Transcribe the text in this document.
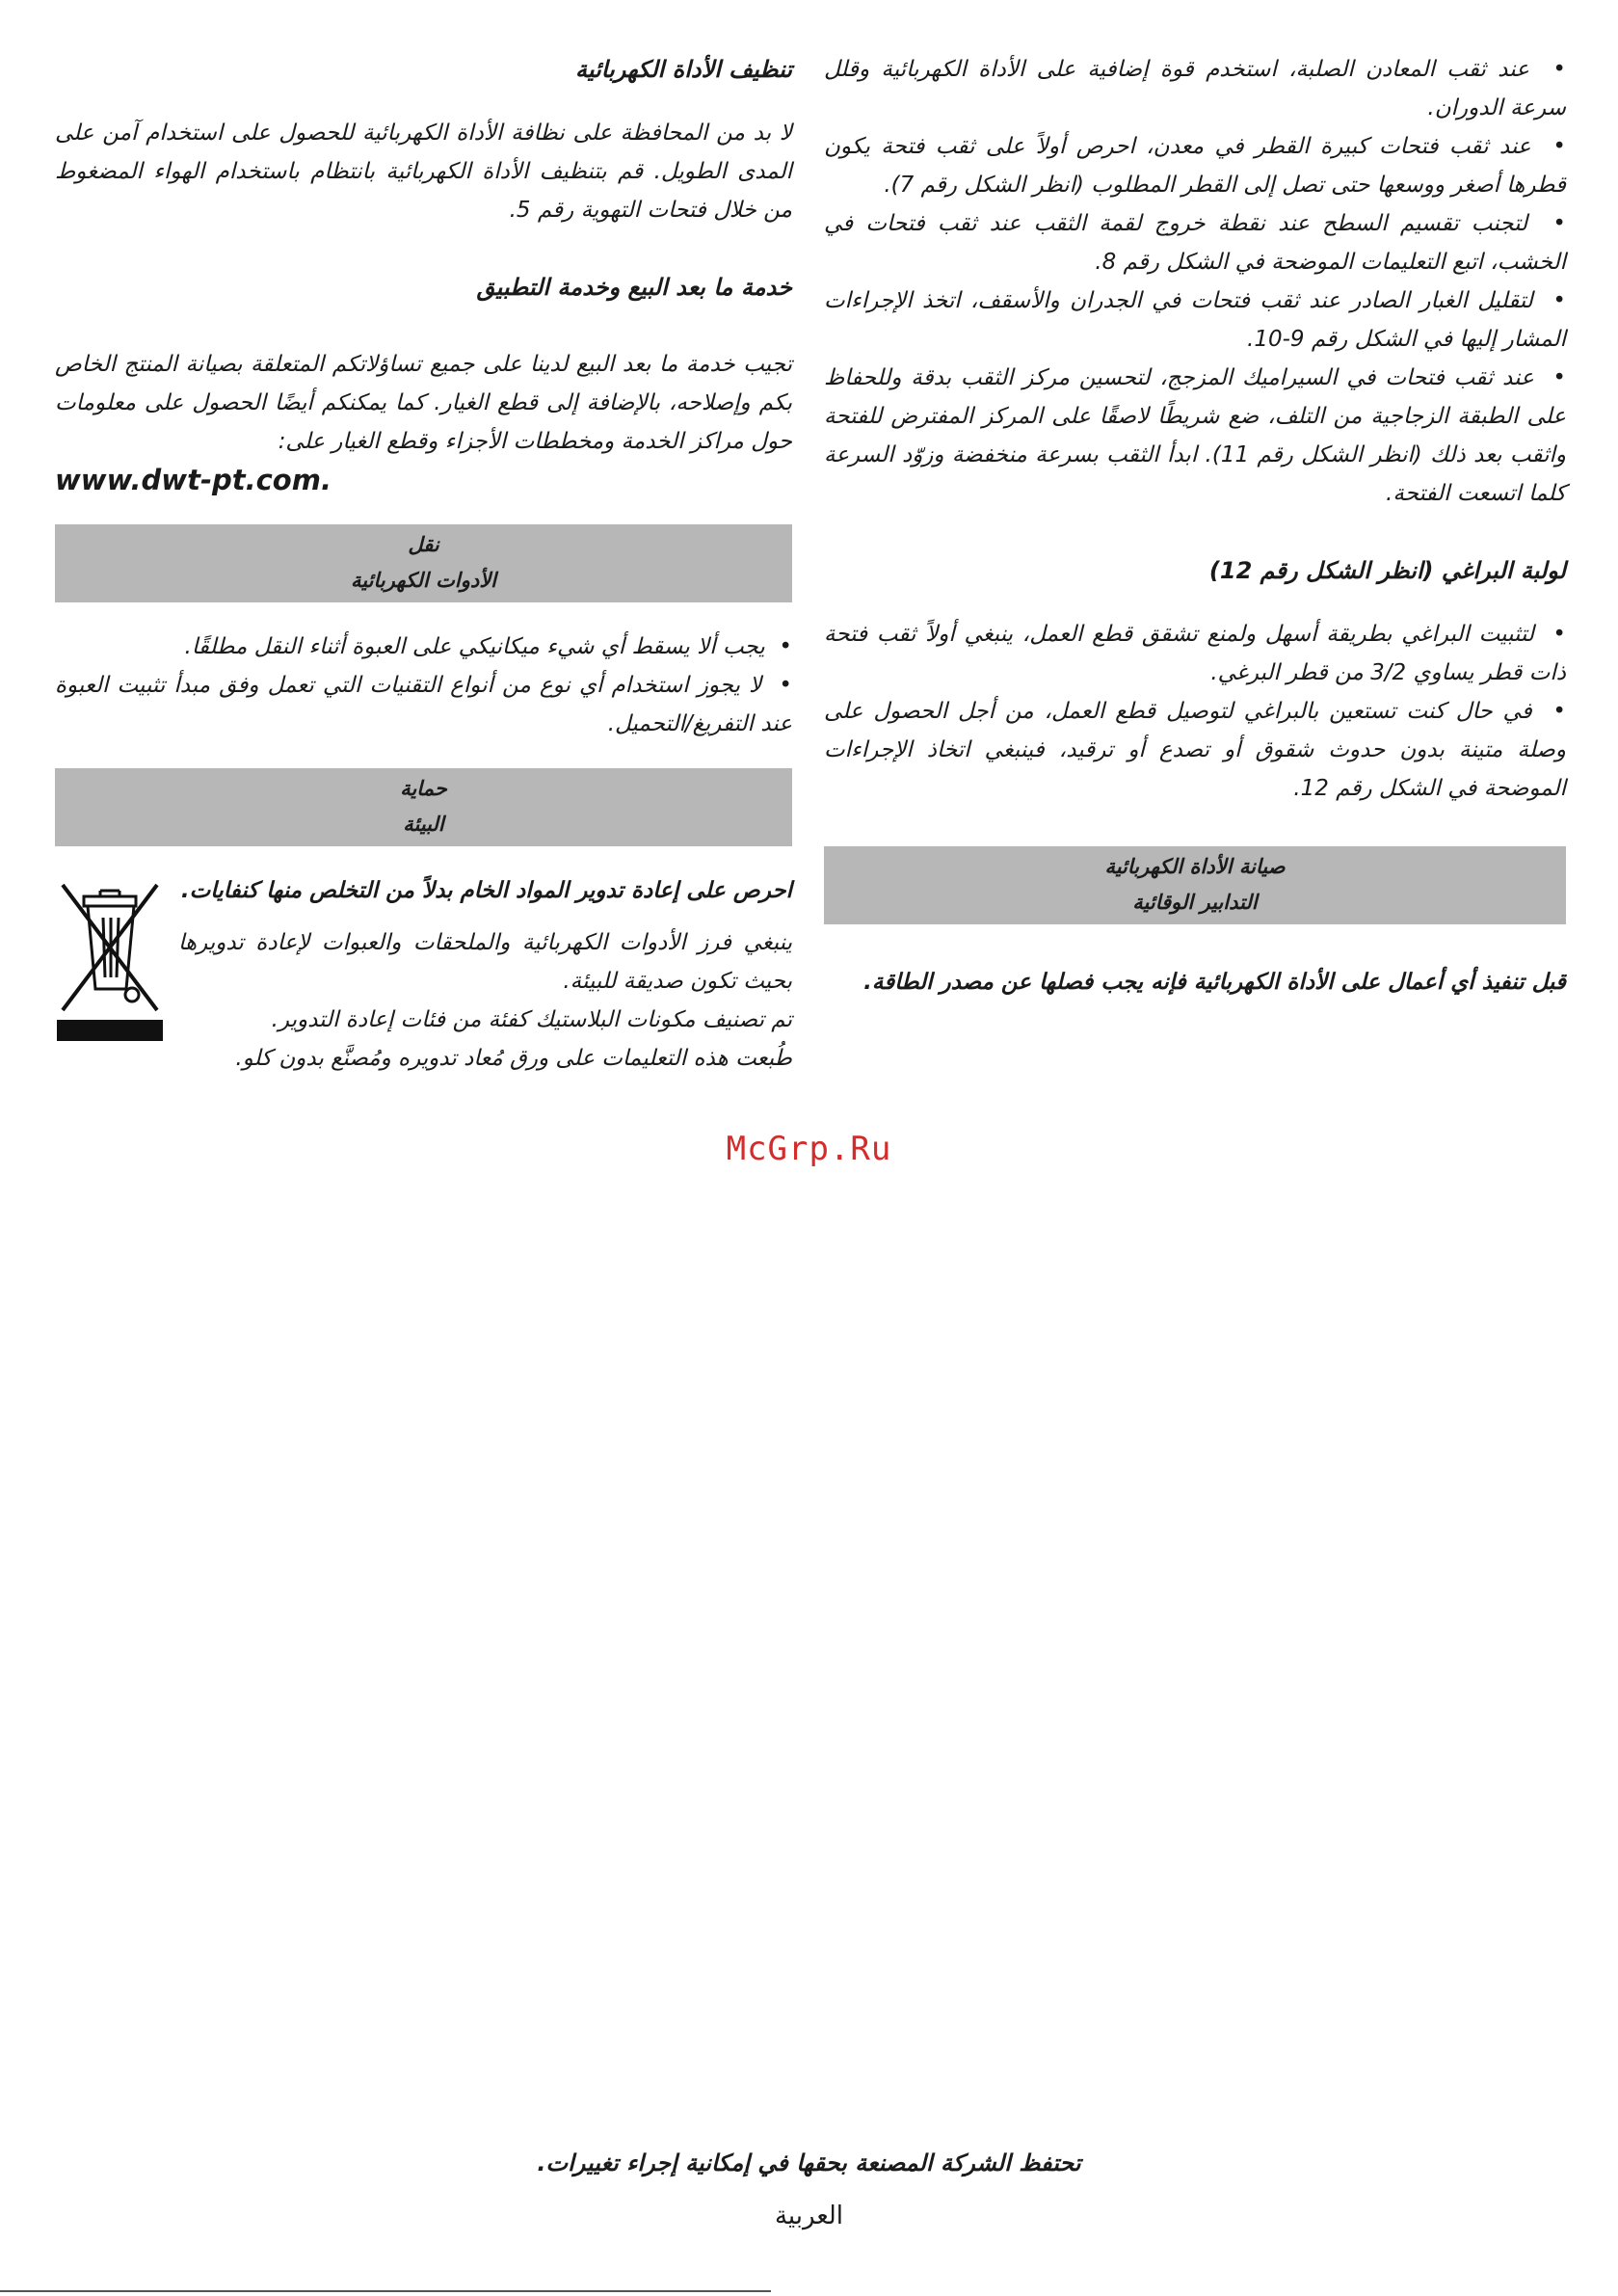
•  عند ثقب المعادن الصلبة، استخدم قوة إضافية على الأداة الكهربائية وقلل سرعة الدوران.

•  عند ثقب فتحات كبيرة القطر في معدن، احرص أولاً على ثقب فتحة يكون قطرها أصغر ووسعها حتى تصل إلى القطر المطلوب (انظر الشكل رقم 7).

•  لتجنب تقسيم السطح عند نقطة خروج لقمة الثقب عند ثقب فتحات في الخشب، اتبع التعليمات الموضحة في الشكل رقم 8.

•  لتقليل الغبار الصادر عند ثقب فتحات في الجدران والأسقف، اتخذ الإجراءات المشار إليها في الشكل رقم 9-10.

•  عند ثقب فتحات في السيراميك المزجج، لتحسين مركز الثقب بدقة وللحفاظ على الطبقة الزجاجية من التلف، ضع شريطًا لاصقًا على المركز المفترض للفتحة واثقب بعد ذلك (انظر الشكل رقم 11). ابدأ الثقب بسرعة منخفضة وزوّد السرعة كلما اتسعت الفتحة.

لولبة البراغي (انظر الشكل رقم 12)

•  لتثبيت البراغي بطريقة أسهل ولمنع تشقق قطع العمل، ينبغي أولاً ثقب فتحة ذات قطر يساوي 3/2 من قطر البرغي.

•  في حال كنت تستعين بالبراغي لتوصيل قطع العمل، من أجل الحصول على وصلة متينة بدون حدوث شقوق أو تصدع أو ترقيد، فينبغي اتخاذ الإجراءات الموضحة في الشكل رقم 12.

صيانة الأداة الكهربائية
التدابير الوقائية

قبل تنفيذ أي أعمال على الأداة الكهربائية فإنه يجب فصلها عن مصدر الطاقة.

تنظيف الأداة الكهربائية

لا بد من المحافظة على نظافة الأداة الكهربائية للحصول على استخدام آمن على المدى الطويل. قم بتنظيف الأداة الكهربائية بانتظام باستخدام الهواء المضغوط من خلال فتحات التهوية رقم 5.

خدمة ما بعد البيع وخدمة التطبيق

تجيب خدمة ما بعد البيع لدينا على جميع تساؤلاتكم المتعلقة بصيانة المنتج الخاص بكم وإصلاحه، بالإضافة إلى قطع الغيار. كما يمكنكم أيضًا الحصول على معلومات حول مراكز الخدمة ومخططات الأجزاء وقطع الغيار على:

www.dwt-pt.com.

نقل
الأدوات الكهربائية

•  يجب ألا يسقط أي شيء ميكانيكي على العبوة أثناء النقل مطلقًا.

•  لا يجوز استخدام أي نوع من أنواع التقنيات التي تعمل وفق مبدأ تثبيت العبوة عند التفريغ/التحميل.

حماية
البيئة

احرص على إعادة تدوير المواد الخام بدلاً من التخلص منها كنفايات.

ينبغي فرز الأدوات الكهربائية والملحقات والعبوات لإعادة تدويرها بحيث تكون صديقة للبيئة.

تم تصنيف مكونات البلاستيك كفئة من فئات إعادة التدوير.

طُبعت هذه التعليمات على ورق مُعاد تدويره ومُصنَّع بدون كلو.

McGrp.Ru
تحتفظ الشركة المصنعة بحقها في إمكانية إجراء تغييرات.
العربية
